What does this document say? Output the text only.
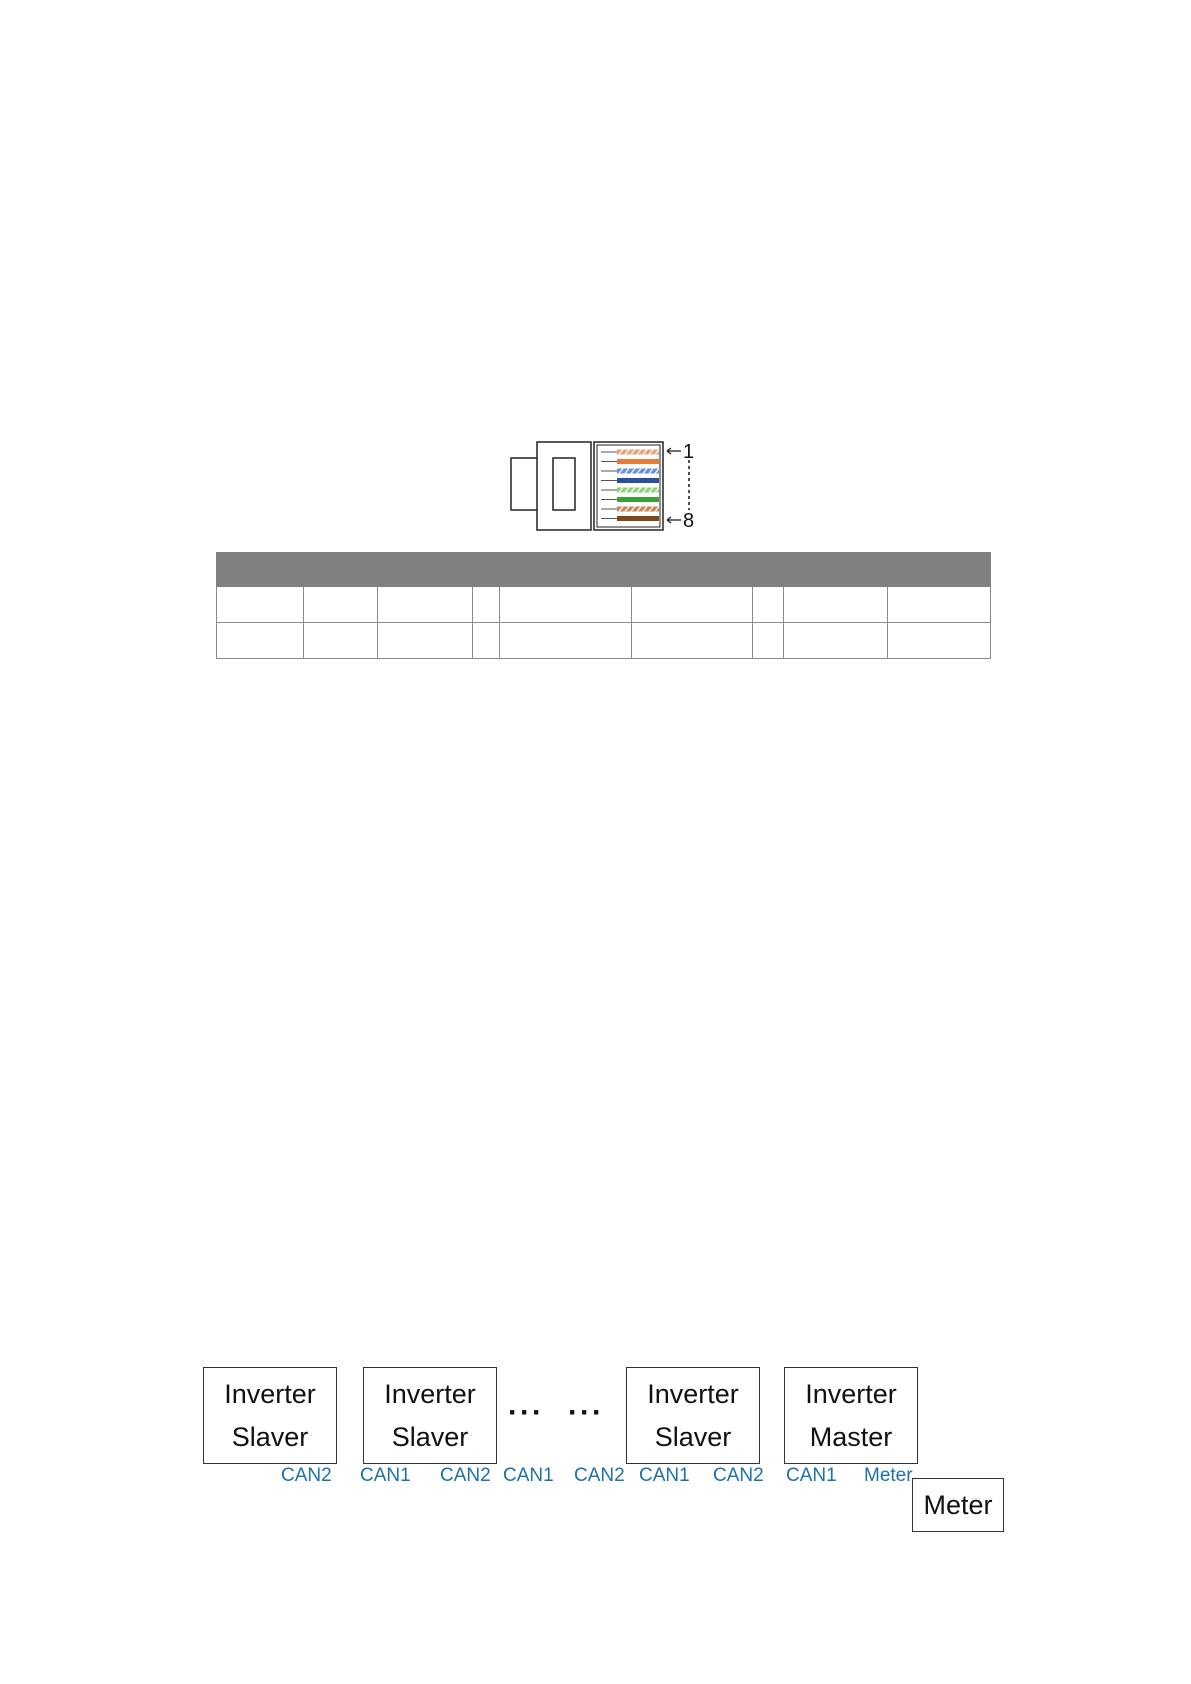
1
8

Inverter
Slaver
Inverter
Slaver
··· ···
Inverter
Slaver
Inverter
Master
Meter
CAN2 CAN1 CAN2 CAN1 CAN2 CAN1 CAN2 CAN1 Meter
